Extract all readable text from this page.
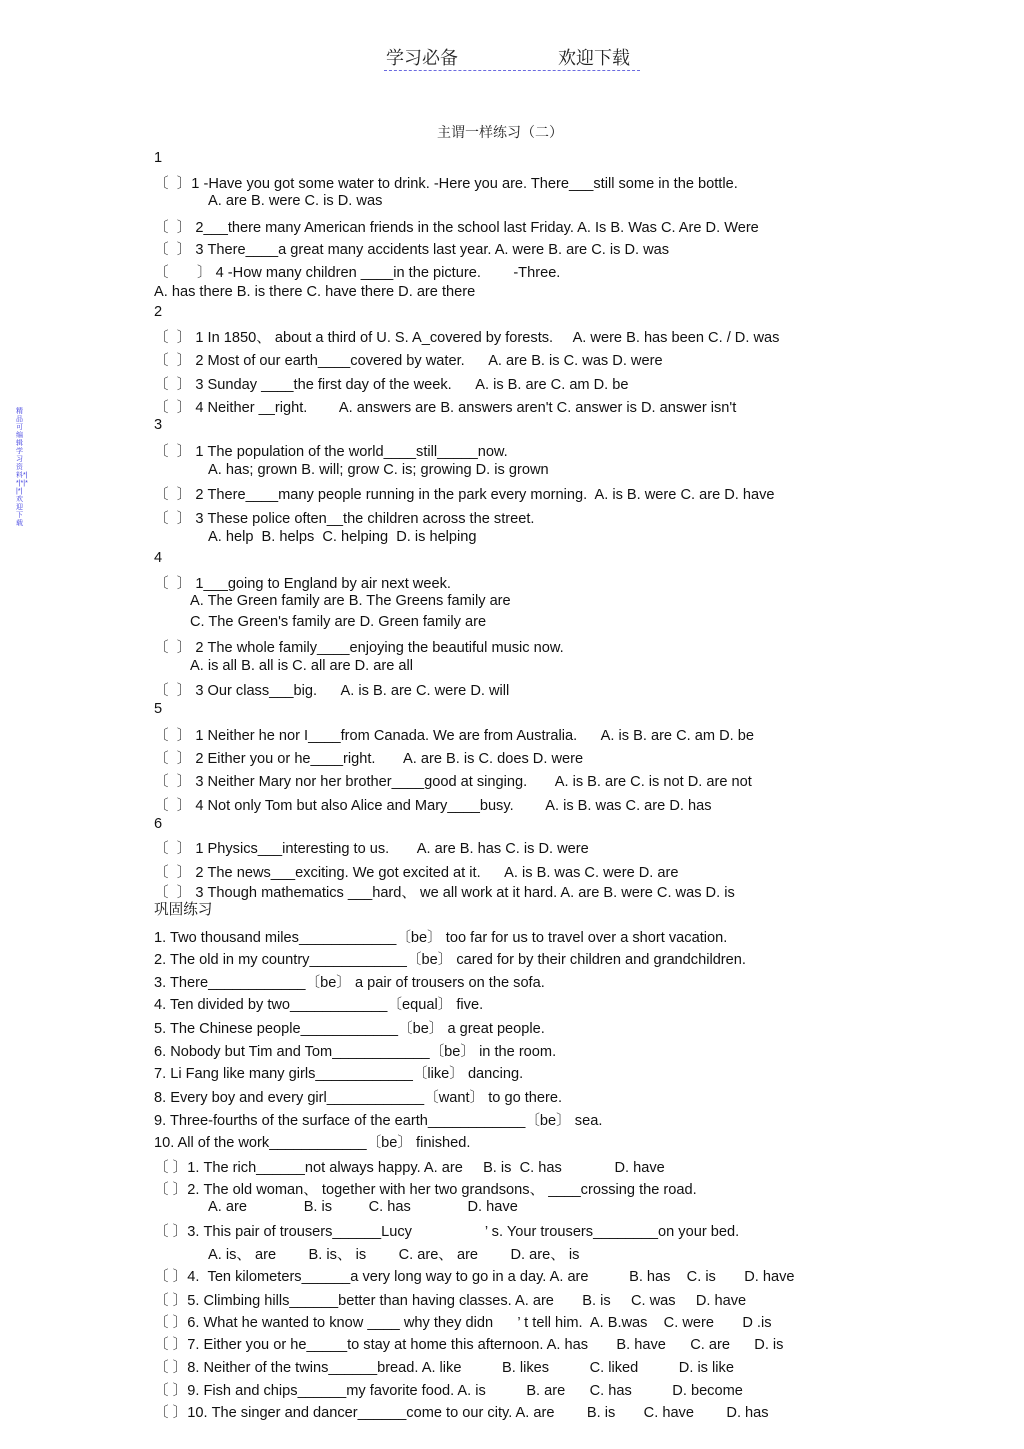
学习必备	欢迎下载
主谓一样练习（二）
精品可编辑学习资料*|*|*|*|*|欢迎下载
1
〔  〕1 -Have you got some water to drink. -Here you are. There___still some in the bottle.
A. are B. were C. is D. was
〔  〕 2___there many American friends in the school last Friday. A. Is B. Was C. Are D. Were
〔  〕 3 There____a great many accidents last year. A. were B. are C. is D. was
〔       〕 4 -How many children ____in the picture.        -Three.
A. has there B. is there C. have there D. are there
2
〔  〕 1 In 1850、 about a third of U. S. A_covered by forests.     A. were B. has been C. / D. was
〔  〕 2 Most of our earth____covered by water.      A. are B. is C. was D. were
〔  〕 3 Sunday ____the first day of the week.      A. is B. are C. am D. be
〔  〕 4 Neither __right.        A. answers are B. answers aren't C. answer is D. answer isn't
3
〔  〕 1 The population of the world____still_____now.
A. has; grown B. will; grow C. is; growing D. is grown
〔  〕 2 There____many people running in the park every morning.  A. is B. were C. are D. have
〔  〕 3 These police often__the children across the street.
A. help  B. helps  C. helping  D. is helping
4
〔  〕 1___going to England by air next week.
A. The Green family are B. The Greens family are
C. The Green's family are D. Green family are
〔  〕 2 The whole family____enjoying the beautiful music now.
A. is all B. all is C. all are D. are all
〔  〕 3 Our class___big.      A. is B. are C. were D. will
5
〔  〕 1 Neither he nor I____from Canada. We are from Australia.      A. is B. are C. am D. be
〔  〕 2 Either you or he____right.       A. are B. is C. does D. were
〔  〕 3 Neither Mary nor her brother____good at singing.       A. is B. are C. is not D. are not
〔  〕 4 Not only Tom but also Alice and Mary____busy.        A. is B. was C. are D. has
6
〔  〕 1 Physics___interesting to us.       A. are B. has C. is D. were
〔  〕 2 The news___exciting. We got excited at it.      A. is B. was C. were D. are
〔  〕 3 Though mathematics ___hard、 we all work at it hard. A. are B. were C. was D. is
巩固练习
1. Two thousand miles____________〔be〕 too far for us to travel over a short vacation.
2. The old in my country____________〔be〕 cared for by their children and grandchildren.
3. There____________〔be〕 a pair of trousers on the sofa.
4. Ten divided by two____________〔equal〕 five.
5. The Chinese people____________〔be〕 a great people.
6. Nobody but Tim and Tom____________〔be〕 in the room.
7. Li Fang like many girls____________〔like〕 dancing.
8. Every boy and every girl____________〔want〕 to go there.
9. Three-fourths of the surface of the earth____________〔be〕 sea.
10. All of the work____________〔be〕 finished.
〔 〕1. The rich______not always happy. A. are     B. is  C. has             D. have
〔 〕2. The old woman、 together with her two grandsons、 ____crossing the road.
A. are              B. is         C. has              D. have
〔 〕3. This pair of trousers______Lucy                  ’ s. Your trousers________on your bed.
A. is、 are        B. is、 is        C. are、 are        D. are、 is
〔 〕4.  Ten kilometers______a very long way to go in a day. A. are          B. has    C. is       D. have
〔 〕5. Climbing hills______better than having classes. A. are       B. is     C. was     D. have
〔 〕6. What he wanted to know ____ why they didn      ’ t tell him.  A. B.was    C. were       D .is
〔 〕7. Either you or he_____to stay at home this afternoon. A. has       B. have      C. are      D. is
〔 〕8. Neither of the twins______bread. A. like          B. likes          C. liked          D. is like
〔 〕9. Fish and chips______my favorite food. A. is          B. are      C. has          D. become
〔 〕10. The singer and dancer______come to our city. A. are        B. is       C. have        D. has
